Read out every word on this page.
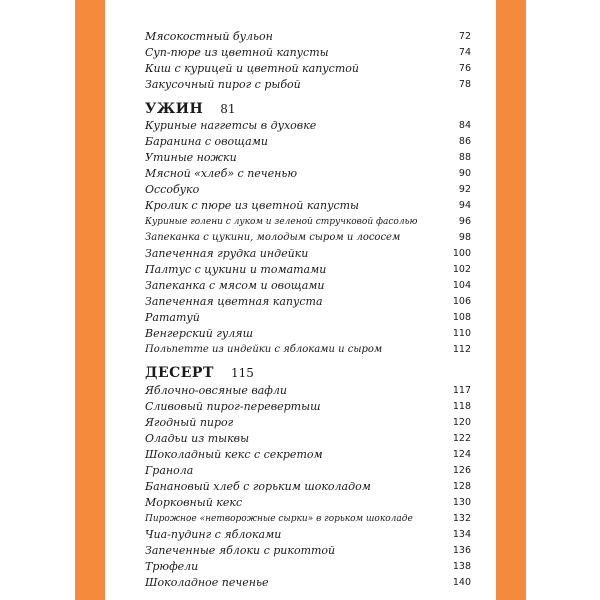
Мясокостный бульон	72
Суп-пюре из цветной капусты	74
Киш с курицей и цветной капустой	76
Закусочный пирог с рыбой	78
УЖИН 81
Куриные наггетсы в духовке	84
Баранина с овощами	86
Утиные ножки	88
Мясной «хлеб» с печенью	90
Оссобуко	92
Кролик с пюре из цветной капусты	94
Куриные голени с луком и зеленой стручковой фасолью	96
Запеканка с цукини, молодым сыром и лососем	98
Запеченная грудка индейки	100
Палтус с цукини и томатами	102
Запеканка с мясом и овощами	104
Запеченная цветная капуста	106
Рататуй	108
Венгерский гуляш	110
Польпетте из индейки с яблоками и сыром	112
ДЕСЕРТ 115
Яблочно-овсяные вафли	117
Сливовый пирог-перевертыш	118
Ягодный пирог	120
Оладьи из тыквы	122
Шоколадный кекс с секретом	124
Гранола	126
Банановый хлеб с горьким шоколадом	128
Морковный кекс	130
Пирожное «нетворожные сырки» в горьком шоколаде	132
Чиа-пудинг с яблоками	134
Запеченные яблоки с рикоттой	136
Трюфели	138
Шоколадное печенье	140
